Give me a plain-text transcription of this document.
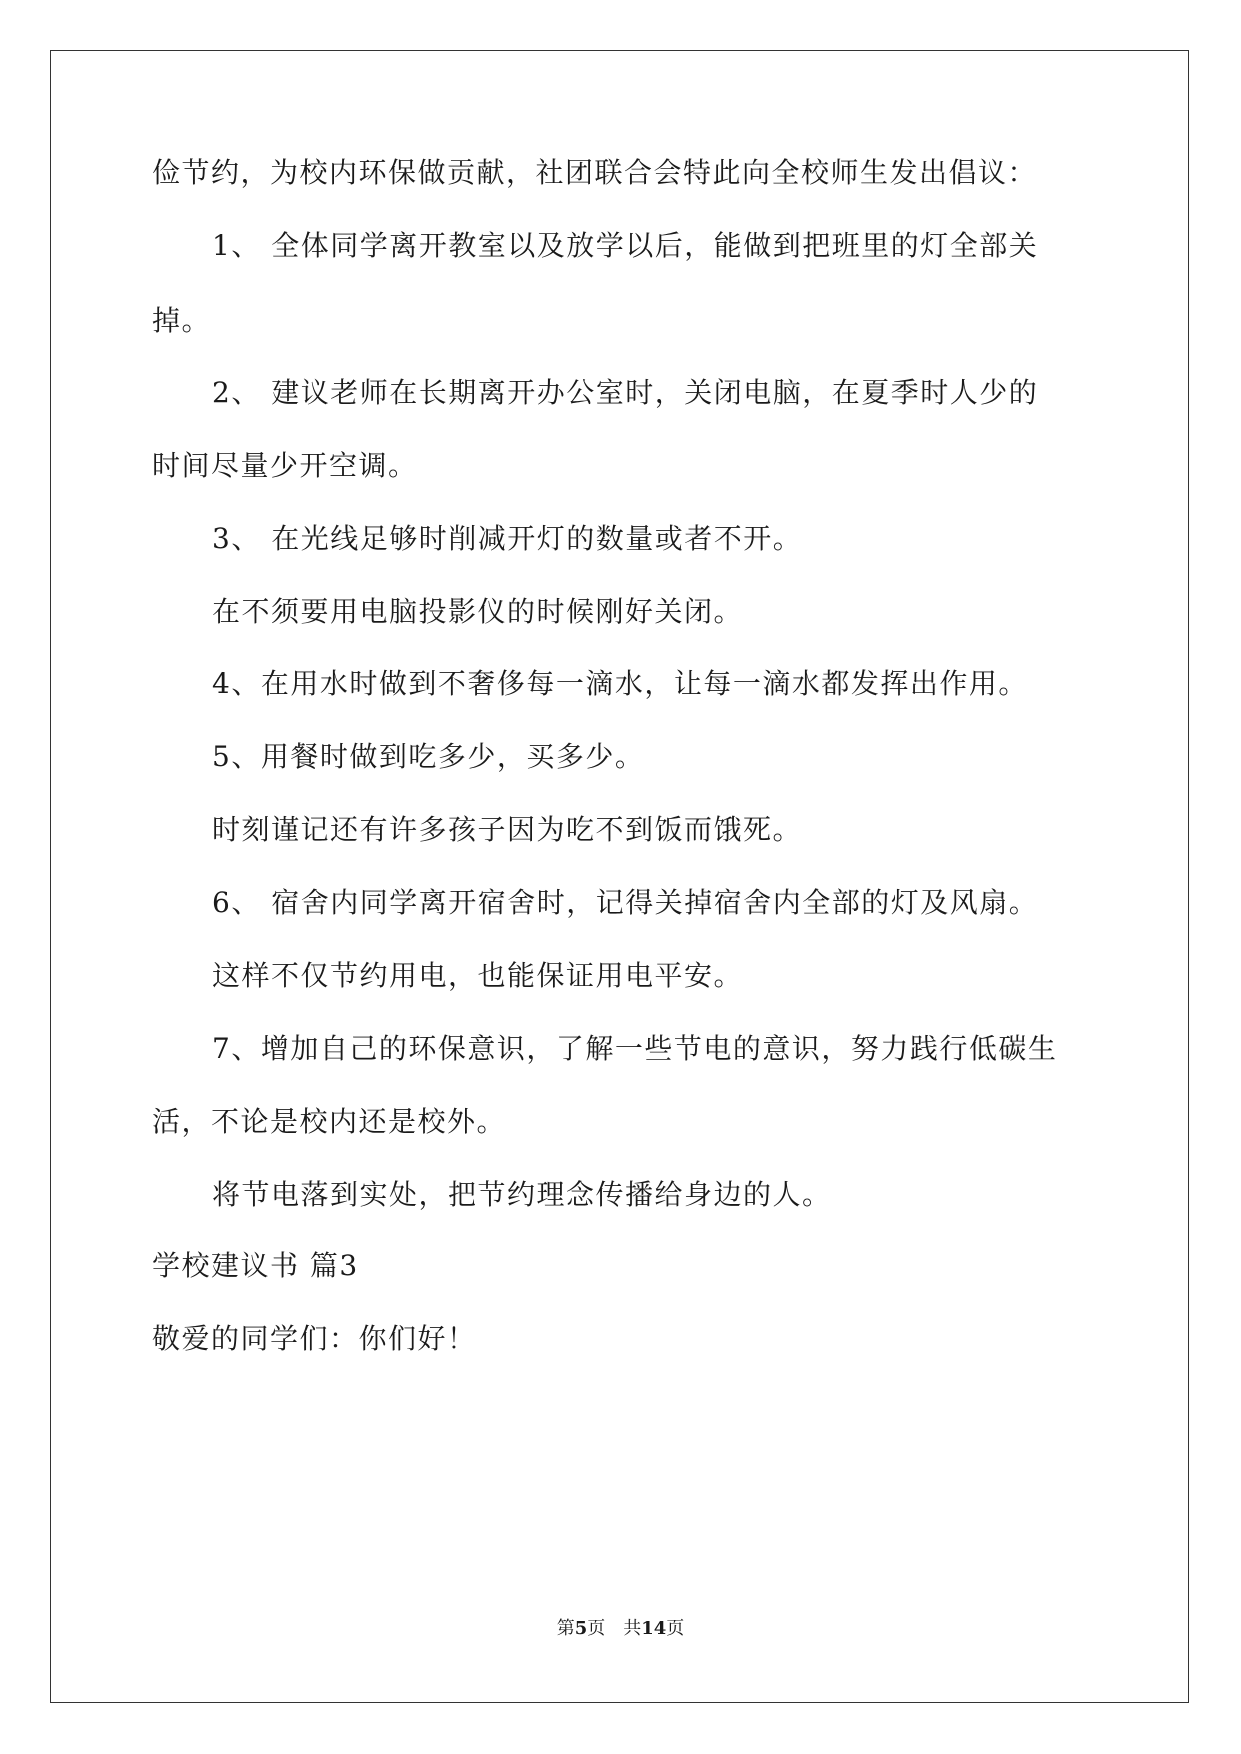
俭节约，为校内环保做贡献，社团联合会特此向全校师生发出倡议：
1、 全体同学离开教室以及放学以后，能做到把班里的灯全部关
掉。
2、 建议老师在长期离开办公室时，关闭电脑，在夏季时人少的
时间尽量少开空调。
3、 在光线足够时削减开灯的数量或者不开。
在不须要用电脑投影仪的时候刚好关闭。
4、在用水时做到不奢侈每一滴水，让每一滴水都发挥出作用。
5、用餐时做到吃多少，买多少。
时刻谨记还有许多孩子因为吃不到饭而饿死。
6、 宿舍内同学离开宿舍时，记得关掉宿舍内全部的灯及风扇。
这样不仅节约用电，也能保证用电平安。
7、增加自己的环保意识，了解一些节电的意识，努力践行低碳生
活，不论是校内还是校外。
将节电落到实处，把节约理念传播给身边的人。
学校建议书 篇3
敬爱的同学们：你们好！
第5页 共14页
